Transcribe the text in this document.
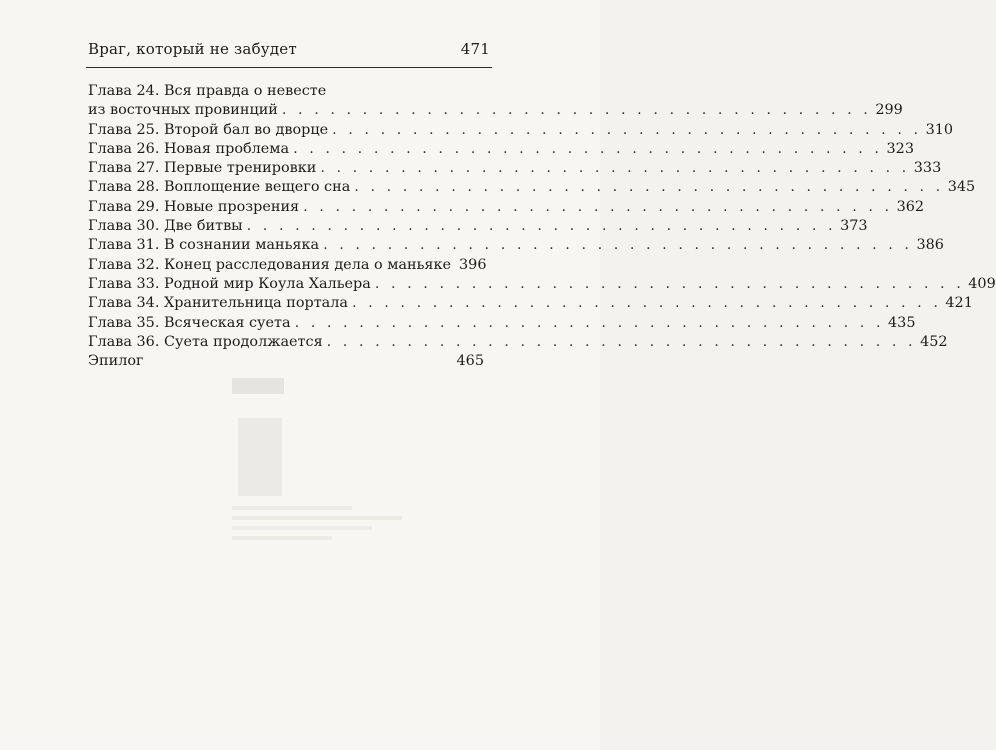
Враг, который не забудет	471
Глава 24. Вся правда о невесте
из восточных провинций . . . . . . . . . . . . . . . . . . . . . . . . . . . . . . . . . . . . . 299
Глава 25. Второй бал во дворце . . . . . . . . . . . . . . . . . . . . . . . . . . . . . . . . . . . . . 310
Глава 26. Новая проблема . . . . . . . . . . . . . . . . . . . . . . . . . . . . . . . . . . . . . 323
Глава 27. Первые тренировки . . . . . . . . . . . . . . . . . . . . . . . . . . . . . . . . . . . . . 333
Глава 28. Воплощение вещего сна . . . . . . . . . . . . . . . . . . . . . . . . . . . . . . . . . . . . . 345
Глава 29. Новые прозрения . . . . . . . . . . . . . . . . . . . . . . . . . . . . . . . . . . . . . 362
Глава 30. Две битвы . . . . . . . . . . . . . . . . . . . . . . . . . . . . . . . . . . . . . 373
Глава 31. В сознании маньяка . . . . . . . . . . . . . . . . . . . . . . . . . . . . . . . . . . . . . 386
Глава 32. Конец расследования дела о маньяке 396
Глава 33. Родной мир Коула Хальера . . . . . . . . . . . . . . . . . . . . . . . . . . . . . . . . . . . . . 409
Глава 34. Хранительница портала . . . . . . . . . . . . . . . . . . . . . . . . . . . . . . . . . . . . . 421
Глава 35. Всяческая суета . . . . . . . . . . . . . . . . . . . . . . . . . . . . . . . . . . . . . 435
Глава 36. Суета продолжается . . . . . . . . . . . . . . . . . . . . . . . . . . . . . . . . . . . . . 452
Эпилог	465
